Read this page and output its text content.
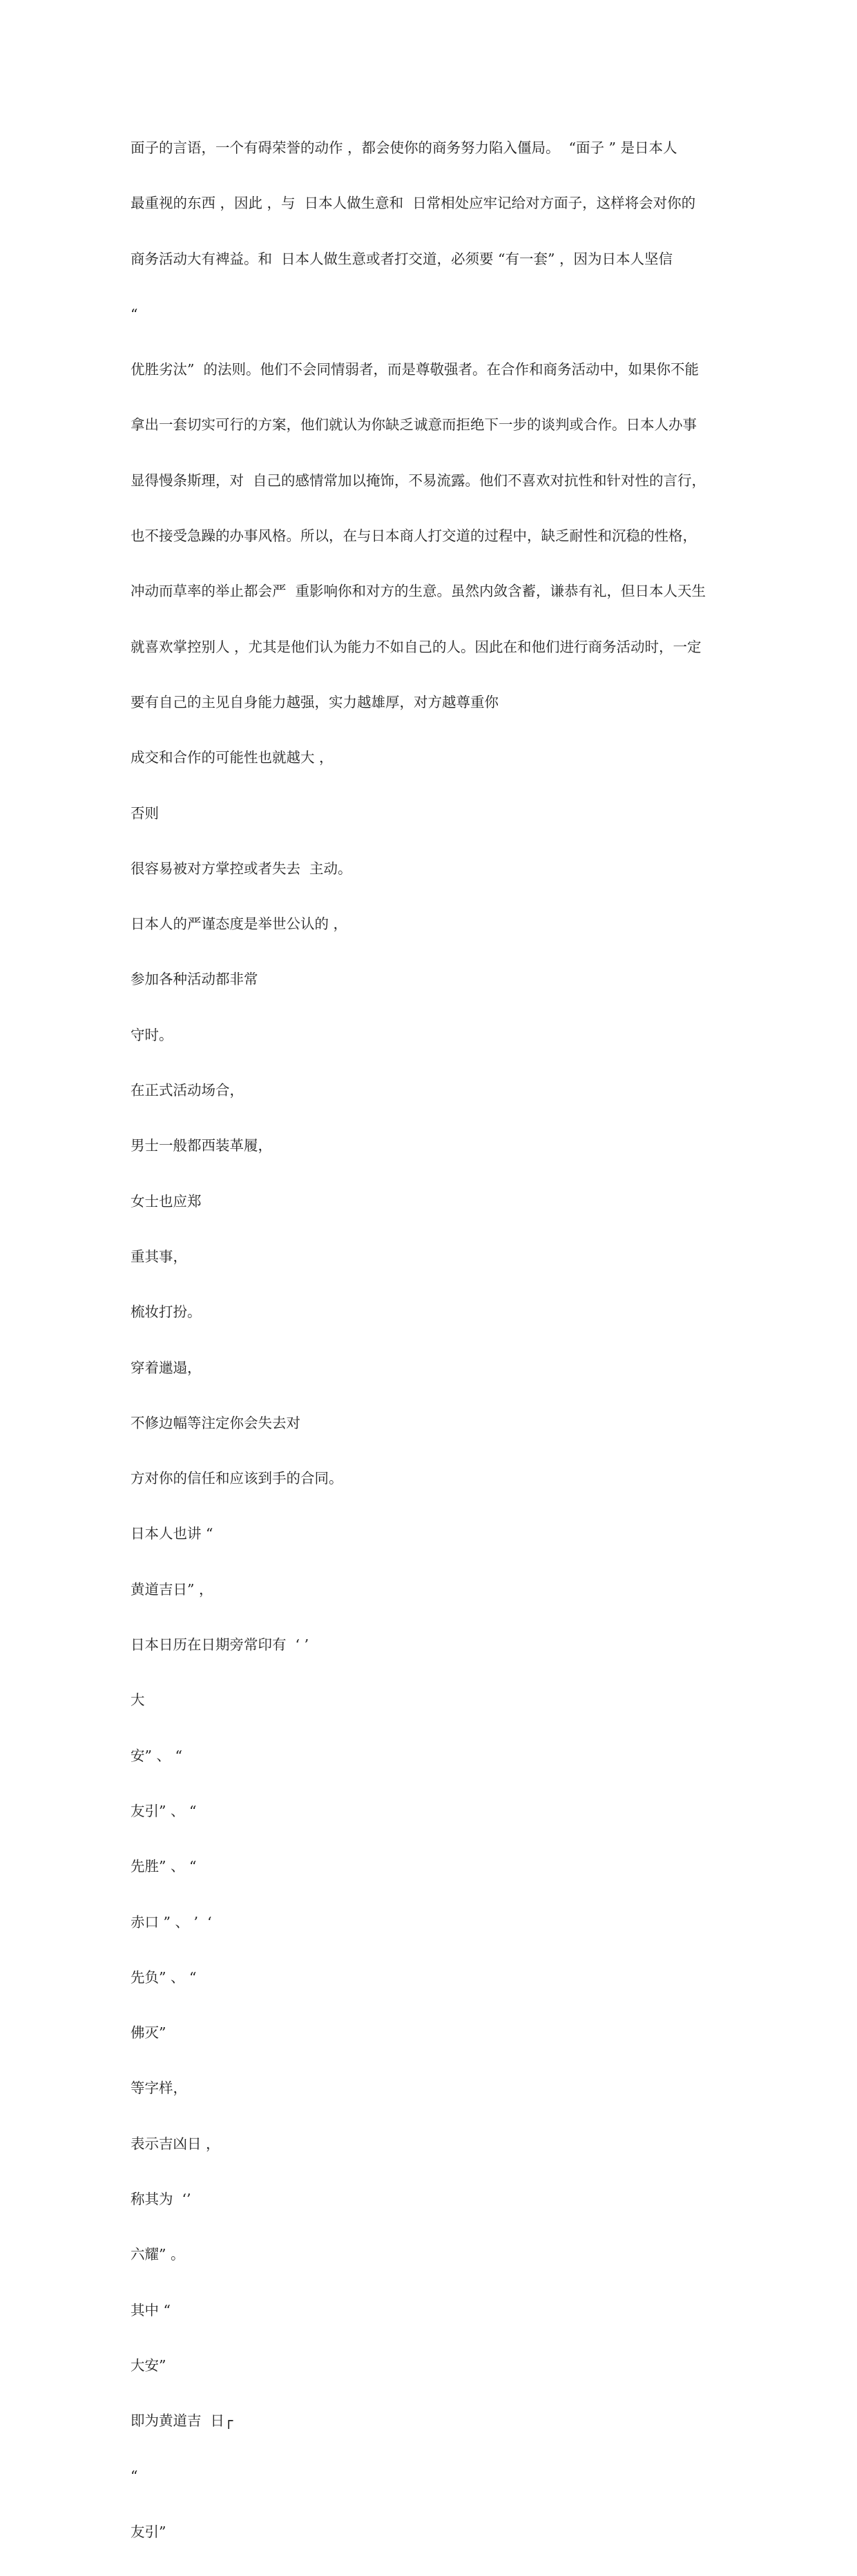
面子的言语，一个有碍荣誉的动作 ，都会使你的商务努力陷入僵局。  “面子 ” 是日本人

最重视的东西 ，因此 ，与  日本人做生意和  日常相处应牢记给对方面子，这样将会对你的

商务活动大有裨益。和  日本人做生意或者打交道，必须要 “有一套” ，因为日本人坚信

“

优胜劣汰”  的法则。他们不会同情弱者，而是尊敬强者。在合作和商务活动中，如果你不能

拿出一套切实可行的方案，他们就认为你缺乏诚意而拒绝下一步的谈判或合作。日本人办事

显得慢条斯理，对  自己的感情常加以掩饰，不易流露。他们不喜欢对抗性和针对性的言行，

也不接受急躁的办事风格。所以，在与日本商人打交道的过程中，缺乏耐性和沉稳的性格，

冲动而草率的举止都会严  重影响你和对方的生意。虽然内敛含蓄，谦恭有礼，但日本人天生

就喜欢掌控别人 ，尤其是他们认为能力不如自己的人。因此在和他们进行商务活动时，一定

要有自己的主见自身能力越强，实力越雄厚，对方越尊重你

成交和合作的可能性也就越大 ，

否则

很容易被对方掌控或者失去  主动。

日本人的严谨态度是举世公认的 ，

参加各种活动都非常

守时。

在正式活动场合，

男士一般都西装革履，

女士也应郑

重其事，

梳妆打扮。

穿着邋遢，

不修边幅等注定你会失去对

方对你的信任和应该到手的合同。

日本人也讲 “

黄道吉日” ，

日本日历在日期旁常印有  ‘ ’

大

安” 、 “

友引” 、 “

先胜” 、 “

赤口 ” 、 ’  ‘

先负” 、 “

佛灭”

等字样，

表示吉凶日 ，

称其为  ‘’

六耀” 。

其中 “

大安”

即为黄道吉  日┌

“

友引”
